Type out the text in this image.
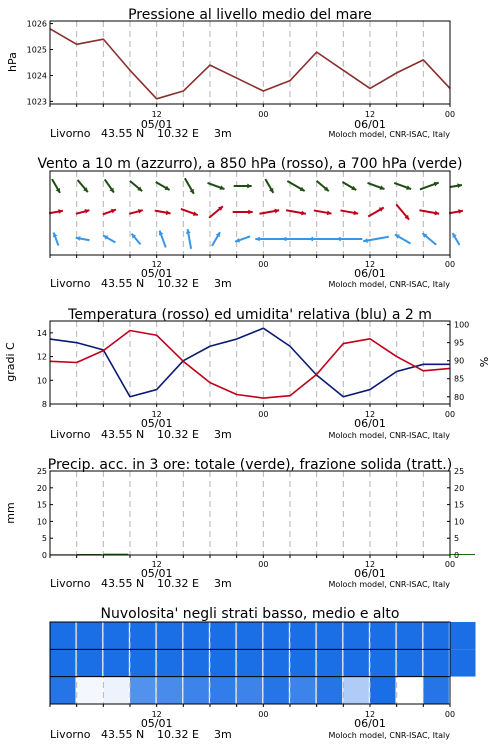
Pressione al livello medio del mare
1023
1024
1025
1026
hPa
12	00	12	00
05/01	06/01
Livorno 43.55 N 10.32 E 3m	Moloch model, CNR-ISAC, Italy
Vento a 10 m (azzurro), a 850 hPa (rosso), a 700 hPa (verde)
12	00	12	00
05/01	06/01
Livorno 43.55 N 10.32 E 3m	Moloch model, CNR-ISAC, Italy
Temperatura (rosso) ed umidita' relativa (blu) a 2 m
8
10
12
14
80
85
90
95
100
gradi C	%
12	00	12	00
05/01	06/01
Livorno 43.55 N 10.32 E 3m	Moloch model, CNR-ISAC, Italy
Precip. acc. in 3 ore: totale (verde), frazione solida (tratt.)
0
5
10
15
20
25
0
5
10
15
20
25
mm
12	00	12	00
05/01	06/01
Livorno 43.55 N 10.32 E 3m	Moloch model, CNR-ISAC, Italy
Nuvolosita' negli strati basso, medio e alto
12	00	12	00
05/01	06/01
Livorno 43.55 N 10.32 E 3m	Moloch model, CNR-ISAC, Italy
